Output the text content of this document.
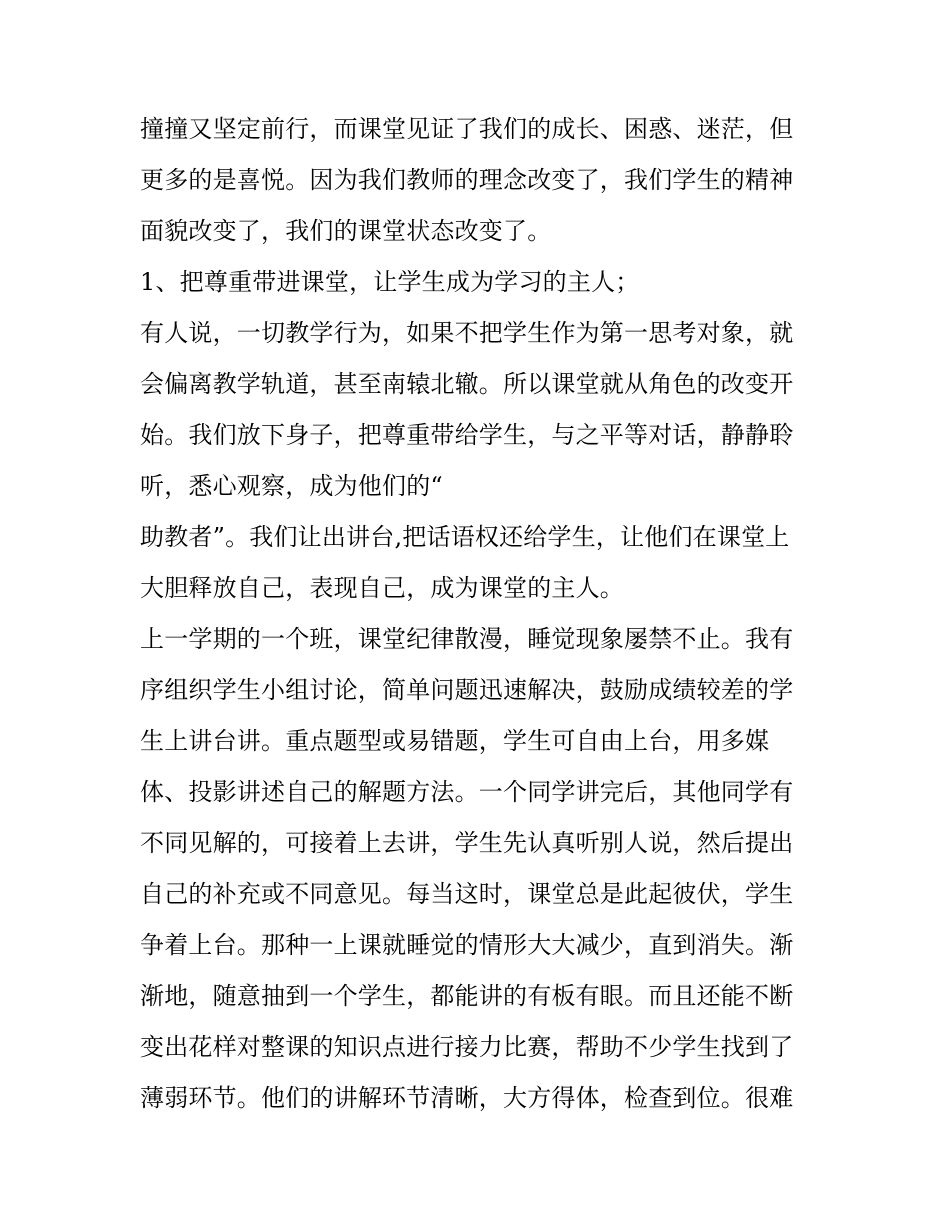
撞撞又坚定前行，而课堂见证了我们的成长、困惑、迷茫，但
更多的是喜悦。因为我们教师的理念改变了，我们学生的精神
面貌改变了，我们的课堂状态改变了。
1、把尊重带进课堂，让学生成为学习的主人；
有人说，一切教学行为，如果不把学生作为第一思考对象，就
会偏离教学轨道，甚至南辕北辙。所以课堂就从角色的改变开
始。我们放下身子，把尊重带给学生，与之平等对话，静静聆
听，悉心观察，成为他们的“
助教者”。我们让出讲台,把话语权还给学生，让他们在课堂上
大胆释放自己，表现自己，成为课堂的主人。
上一学期的一个班，课堂纪律散漫，睡觉现象屡禁不止。我有
序组织学生小组讨论，简单问题迅速解决，鼓励成绩较差的学
生上讲台讲。重点题型或易错题，学生可自由上台，用多媒
体、投影讲述自己的解题方法。一个同学讲完后，其他同学有
不同见解的，可接着上去讲，学生先认真听别人说，然后提出
自己的补充或不同意见。每当这时，课堂总是此起彼伏，学生
争着上台。那种一上课就睡觉的情形大大减少，直到消失。渐
渐地，随意抽到一个学生，都能讲的有板有眼。而且还能不断
变出花样对整课的知识点进行接力比赛，帮助不少学生找到了
薄弱环节。他们的讲解环节清晰，大方得体，检查到位。很难
